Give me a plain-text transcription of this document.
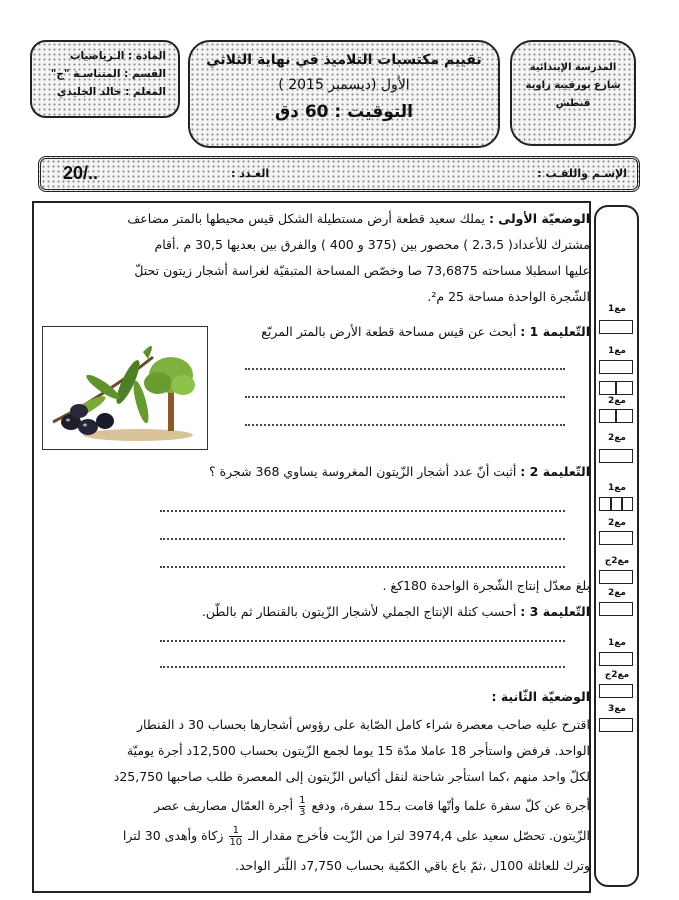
المادة : الـرياضيات
القسم : المتناسـة "ج"
المعلم : خالد الجليدي
تقييم مكتسبات التلاميذ في نهاية الثلاثي
الأول (ديسمبر 2015 )
التوقيت : 60 دق
المدرسة الإبتدائية
شارع بورقيبة زاوية
قنطش
الإسـم واللقـب :
العـدد :
20/..
الوضعيّة الأولى : يملك سعيد قطعة أرض مستطيلة الشكل قيس محيطها بالمتر مضاعف
مشترك للأعداد( 2،3،5 ) محصور بين (375 و 400 ) والفرق بين بعديها 30,5 م .أقام
عليها اسطبلا مساحته 73,6875 صا وخصّص المساحة المتبقيّة لغراسة أشجار زيتون تحتلّ
الشّجرة الواحدة مساحة 25 م².
التّعليمة 1 : أبحث عن قيس مساحة قطعة الأرض بالمتر المربّع
التّعليمة 2 : أثبت أنّ عدد أشجار الزّيتون المغروسة يساوي 368 شجرة ؟
بلغ معدّل إنتاج الشّجرة الواحدة 180كغ .
التّعليمة 3 : أحسب كتلة الإنتاج الجملي لأشجار الزّيتون بالقنطار ثم بالطّن.
الوضعيّة الثّانية :
اقترح عليه صاحب معصرة شراء كامل الصّابة على رؤوس أشجارها بحساب 30 د القنطار
الواحد. فرفض واستأجر 18 عاملا مدّة 15 يوما لجمع الزّيتون بحساب 12,500د أجرة يوميّة
لكلّ واحد منهم ،كما استأجر شاحنة لنقل أكياس الزّيتون إلى المعصرة طلب صاحبها 25,750د
أجرة عن كلّ سفرة علما وأنّها قامت بـ15 سفرة، ودفع
$\frac{1}{3}$
أجرة العمّال مصاريف عصر
الزّيتون. تحصّل سعيد على 3974,4 لترا من الزّيت فأخرج مقدار الـ
$\frac{1}{10}$
زكاة وأهدى 30 لترا
وترك للعائلة 100ل ،ثمّ باع باقي الكمّية بحساب 7,750د اللّتر الواحد.
مع1
مع1
مع2
مع2
مع1
مع2
مع2ج
مع2
مع1
مع2ج
مع3
